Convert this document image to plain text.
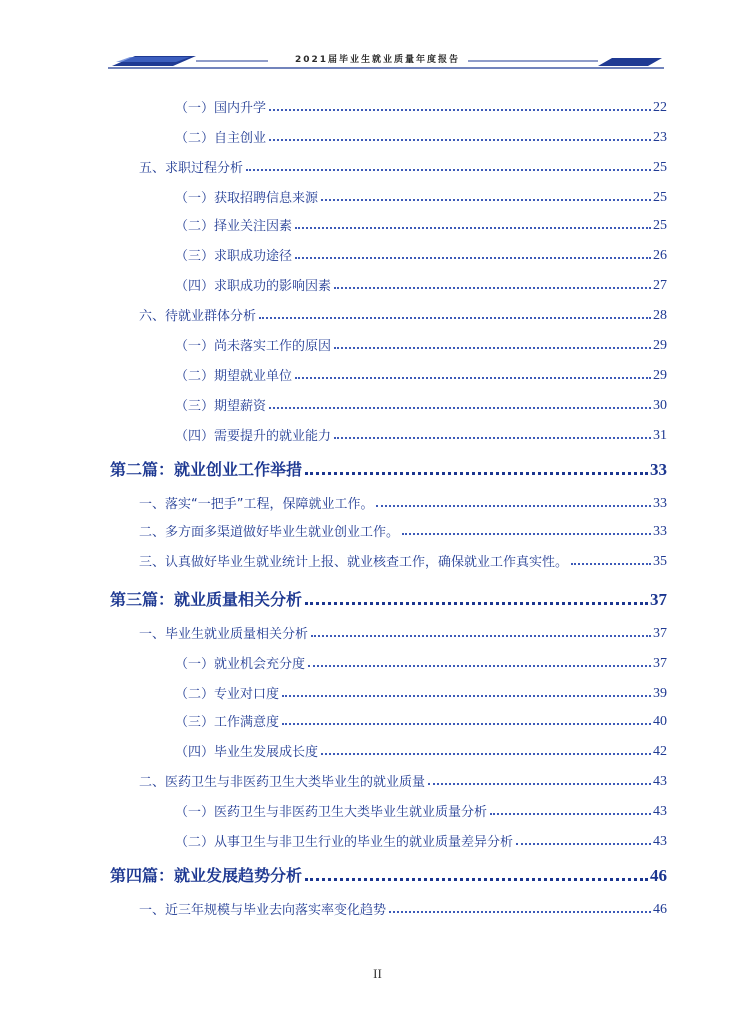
2021届毕业生就业质量年度报告
（一）国内升学	22
（二）自主创业	23
五、求职过程分析	25
（一）获取招聘信息来源	25
（二）择业关注因素	25
（三）求职成功途径	26
（四）求职成功的影响因素	27
六、待就业群体分析	28
（一）尚未落实工作的原因	29
（二）期望就业单位	29
（三）期望薪资	30
（四）需要提升的就业能力	31
第二篇：就业创业工作举措	33
一、落实“一把手”工程，保障就业工作。	33
二、多方面多渠道做好毕业生就业创业工作。	33
三、认真做好毕业生就业统计上报、就业核查工作，确保就业工作真实性。	35
第三篇：就业质量相关分析	37
一、毕业生就业质量相关分析	37
（一）就业机会充分度	37
（二）专业对口度	39
（三）工作满意度	40
（四）毕业生发展成长度	42
二、医药卫生与非医药卫生大类毕业生的就业质量	43
（一）医药卫生与非医药卫生大类毕业生就业质量分析	43
（二）从事卫生与非卫生行业的毕业生的就业质量差异分析	43
第四篇：就业发展趋势分析	46
一、近三年规模与毕业去向落实率变化趋势	46
II
